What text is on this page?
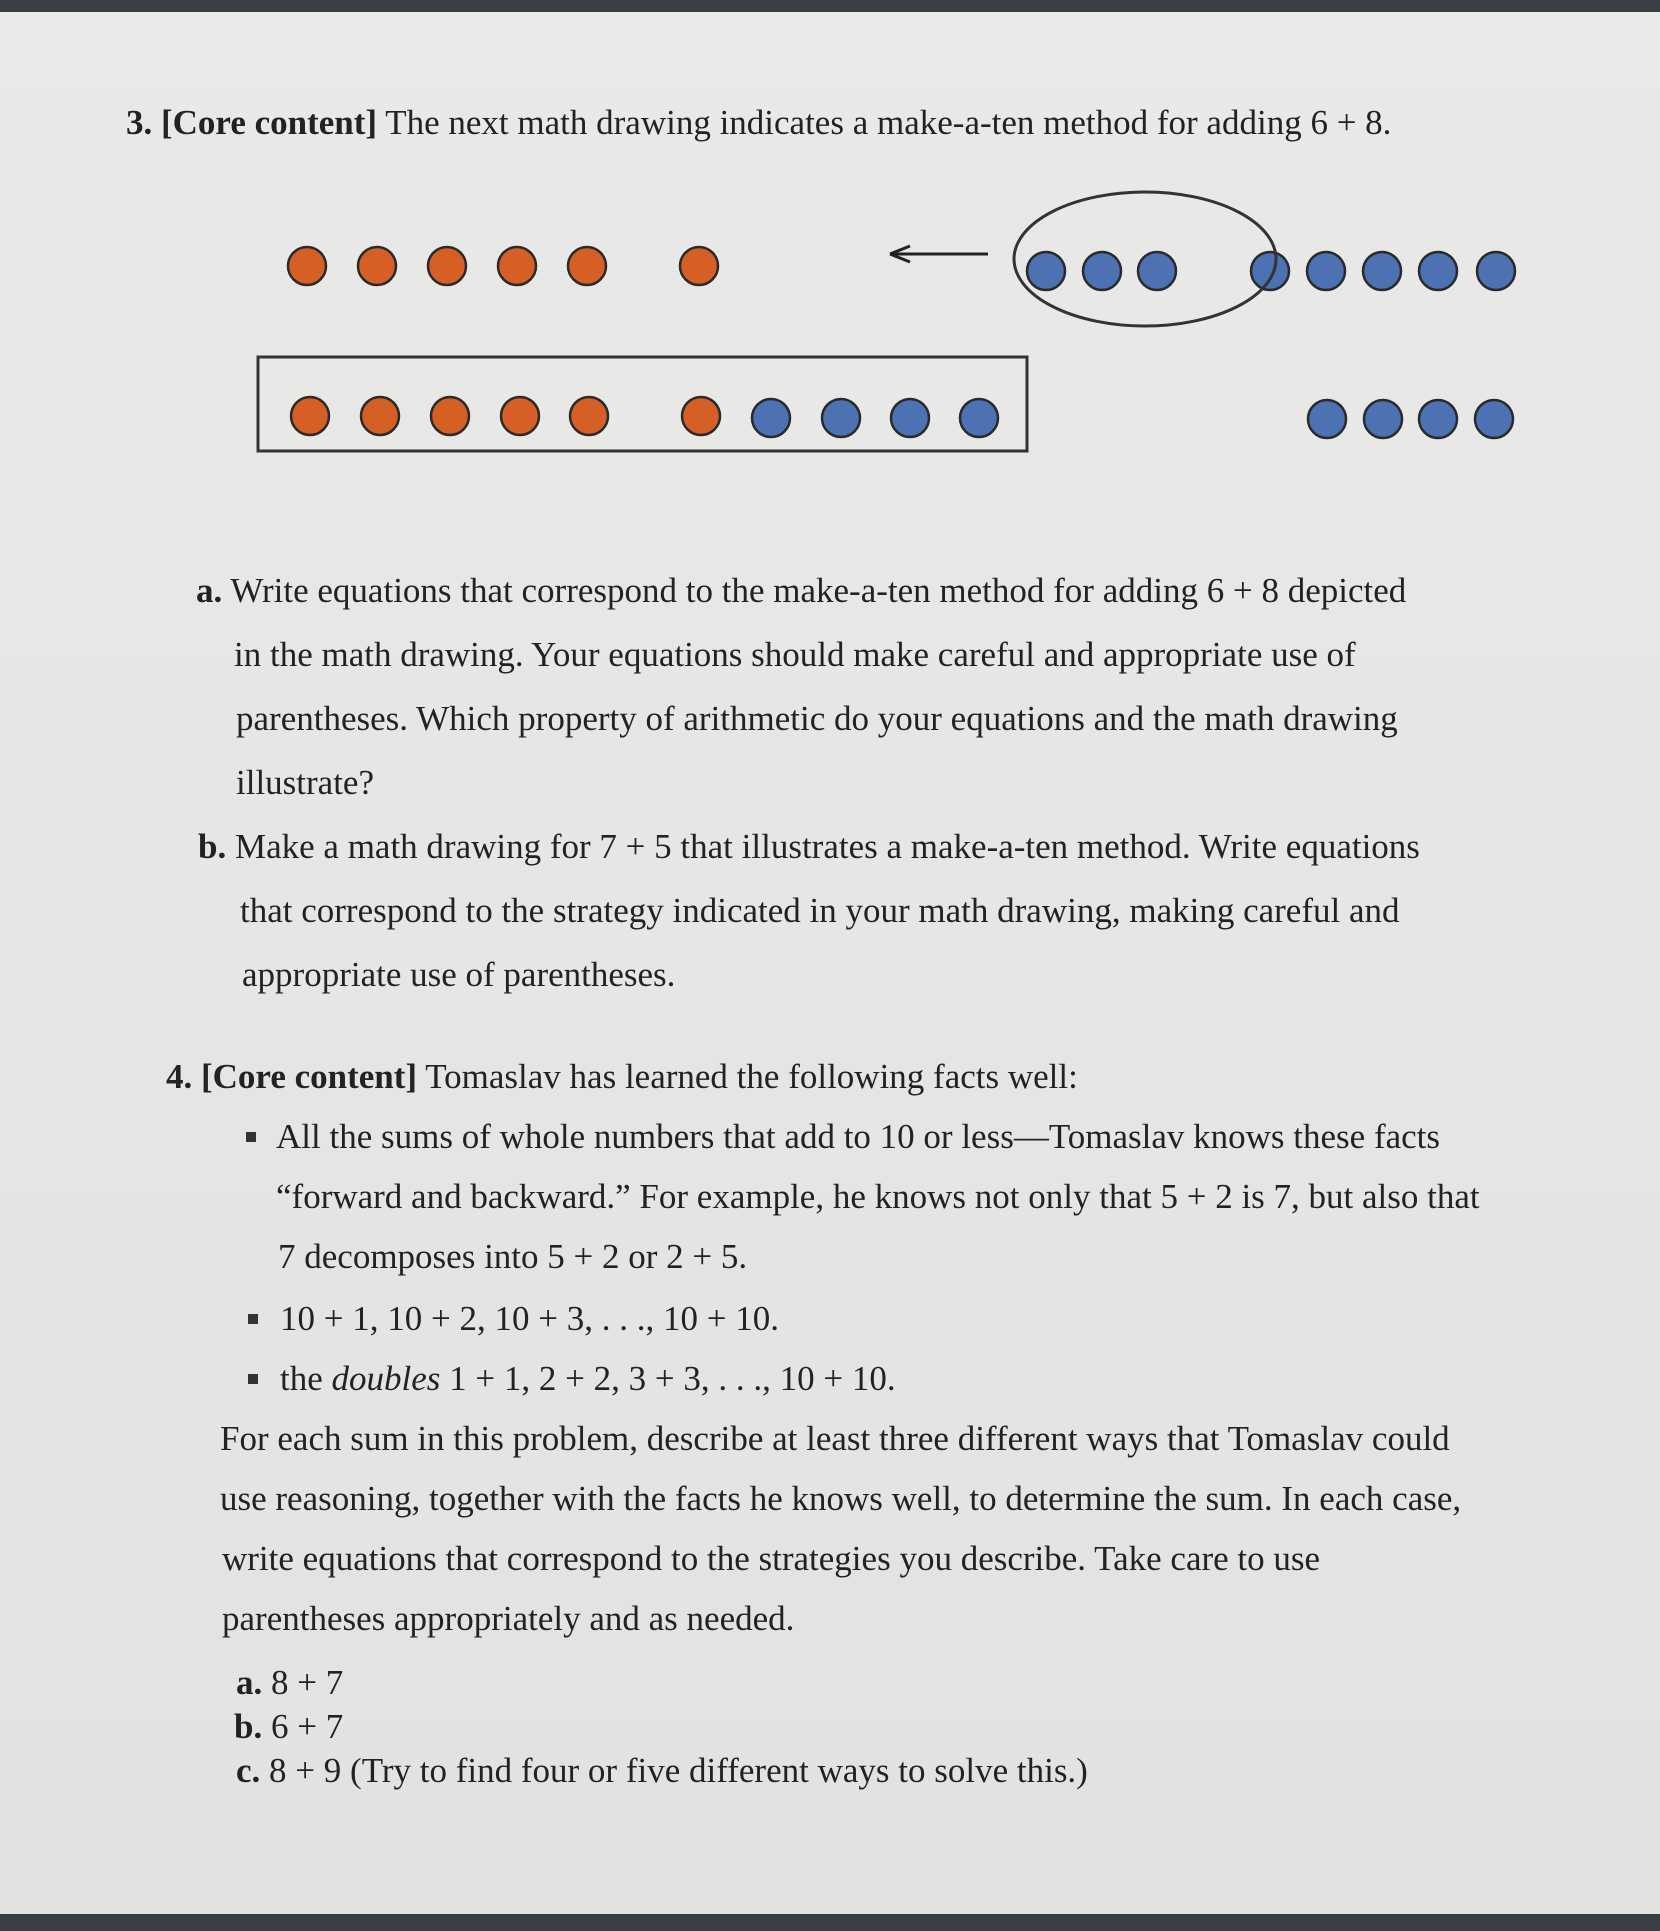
3. [Core content] The next math drawing indicates a make-a-ten method for adding 6 + 8.
a. Write equations that correspond to the make-a-ten method for adding 6 + 8 depicted
in the math drawing. Your equations should make careful and appropriate use of
parentheses. Which property of arithmetic do your equations and the math drawing
illustrate?
b. Make a math drawing for 7 + 5 that illustrates a make-a-ten method. Write equations
that correspond to the strategy indicated in your math drawing, making careful and
appropriate use of parentheses.
4. [Core content] Tomaslav has learned the following facts well:
All the sums of whole numbers that add to 10 or less—Tomaslav knows these facts
“forward and backward.” For example, he knows not only that 5 + 2 is 7, but also that
7 decomposes into 5 + 2 or 2 + 5.
10 + 1, 10 + 2, 10 + 3, . . ., 10 + 10.
the doubles 1 + 1, 2 + 2, 3 + 3, . . ., 10 + 10.
For each sum in this problem, describe at least three different ways that Tomaslav could
use reasoning, together with the facts he knows well, to determine the sum. In each case,
write equations that correspond to the strategies you describe. Take care to use
parentheses appropriately and as needed.
a. 8 + 7
b. 6 + 7
c. 8 + 9 (Try to find four or five different ways to solve this.)
